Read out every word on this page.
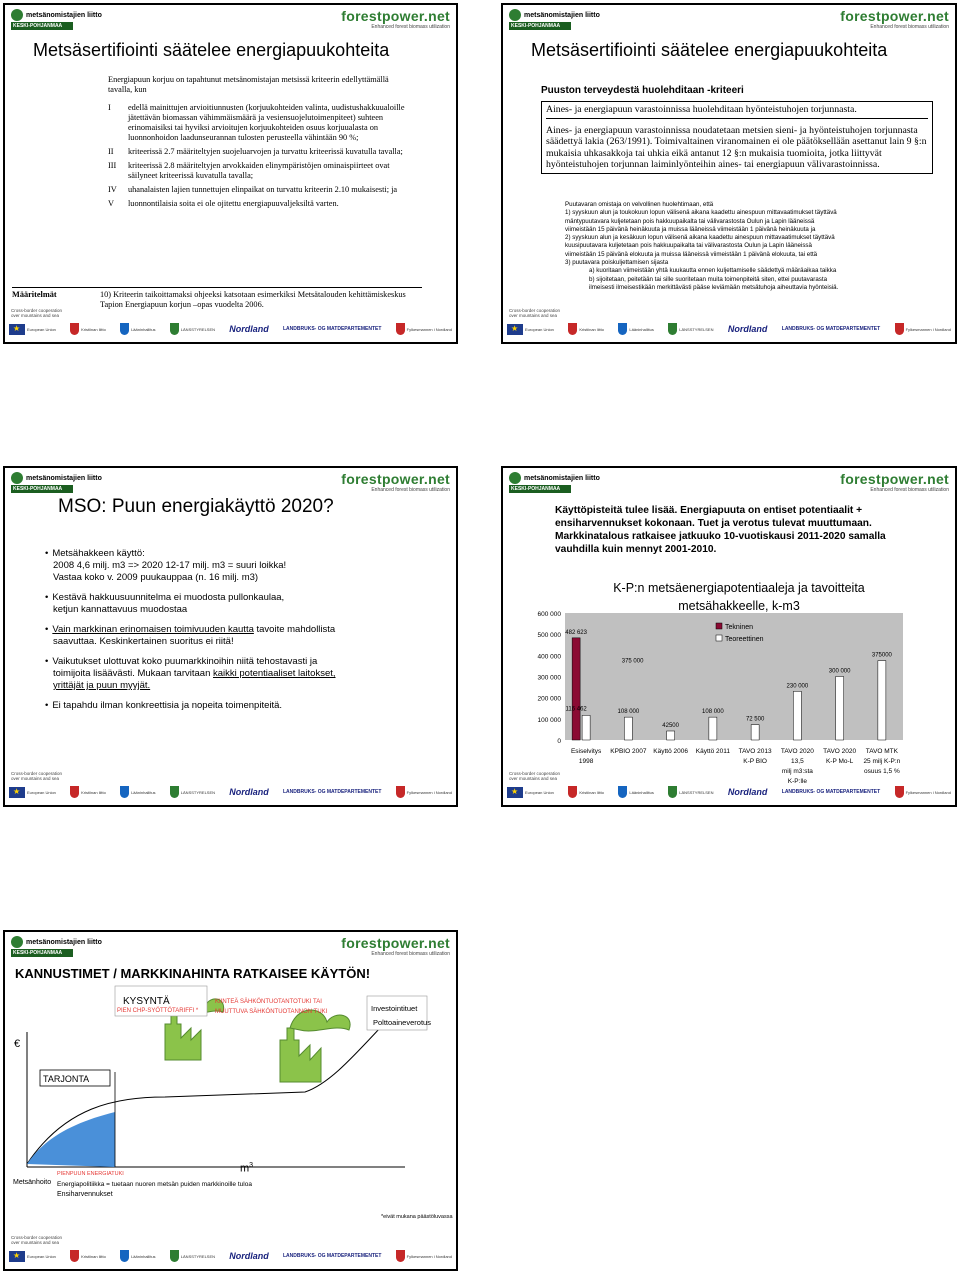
metsänomistajien liitto
KESKI-POHJANMAA
forestpower.net
Enhanced forest biomass utilization
Metsäsertifiointi säätelee energiapuukohteita

Energiapuun korjuu on tapahtunut metsänomistajan metsissä kriteerin edellyttämällä tavalla, kun

I	edellä mainittujen arvioitiunnusten (korjuukohteiden valinta, uudistushakkuualoille jätettävän biomassan vähimmäismäärä ja vesiensuojelutoimenpiteet) suhteen erinomaisiksi tai hyviksi arvioitujen korjuukohteiden osuus korjuualasta on luonnonhoidon laadunseurannan tulosten perusteella vähintään 90 %;
II	kriteerissä 2.7 määriteltyjen suojeluarvojen ja turvattu kriteerissä kuvatulla tavalla;
III	kriteerissä 2.8 määriteltyjen arvokkaiden elinympäristöjen ominaispiirteet ovat säilyneet kriteerissä kuvatulla tavalla;
IV	uhanalaisten lajien tunnettujen elinpaikat on turvattu kriteerin 2.10 mukaisesti; ja
V	luonnontilaisia soita ei ole ojitettu energiapuuvaljeksiltä varten.
Määritelmät	10) Kriteerin taikoittamaksi ohjeeksi katsotaan esimerkiksi Metsätalouden kehittämiskeskus Tapion Energiapuun korjun –opas vuodelta 2006.
Cross-border cooperation
over mountains and sea
★
European Union	Kristiinan liitto	Lääninhallitus	LÄNSSTYRELSEN Nordland	LANDBRUKS- OG MATDEPARTEMENTET	Fylkesmannen i Nordland
metsänomistajien liitto
KESKI-POHJANMAA
forestpower.net
Enhanced forest biomass utilization
Metsäsertifiointi säätelee energiapuukohteita
Puuston terveydestä huolehditaan -kriteeri

Aines- ja energiapuun varastoinnissa huolehditaan hyönteistuhojen torjunnasta.

Aines- ja energiapuun varastoinnissa noudatetaan metsien sieni- ja hyönteistuhojen torjunnasta säädettyä lakia (263/1991). Toimivaltainen viranomainen ei ole päätöksellään asettanut lain 9 §:n mukaisia uhkasakkoja tai uhkia eikä antanut 12 §:n mukaisia tuomioita, jotka liittyvät hyönteistuhojen torjunnan laiminlyönteihin aines- tai energiapuun välivarastoinnissa.

Puutavaran omistaja on velvollinen huolehtimaan, että
1) syyskuun alun ja toukokuun lopun välisenä aikana kaadettu ainespuun mittavaatimukset täyttävä
mäntypuutavara kuljetetaan pois hakkuupaikalta tai välivarastosta Oulun ja Lapin lääneissä
viimeistään 15 päivänä heinäkuuta ja muissa lääneissä viimeistään 1 päivänä heinäkuuta ja
2) syyskuun alun ja kesäkuun lopun välisenä aikana kaadettu ainespuun mittavaatimukset täyttävä
kuusipuutavara kuljetetaan pois hakkuupaikalta tai välivarastosta Oulun ja Lapin lääneissä
viimeistään 15 päivänä elokuuta ja muissa lääneissä viimeistään 1 päivänä elokuuta, tai että
3) puutavara poiskuljettamisen sijasta
a) kuoritaan viimeistään yhtä kuukautta ennen kuljettamiselle säädettyä määräaikaa taikka
b) sijoitetaan, peitetään tai sille suoritetaan muita toimenpiteitä siten, ettei puutavarasta
ilmeisesti ilmeisestikään merkittävästi pääse leviämään metsätuhoja aiheuttavia hyönteisiä.
Cross-border cooperation
over mountains and sea
★
European Union	Kristiinan liitto	Lääninhallitus	LÄNSSTYRELSEN Nordland	LANDBRUKS- OG MATDEPARTEMENTET	Fylkesmannen i Nordland
metsänomistajien liitto
KESKI-POHJANMAA
forestpower.net
Enhanced forest biomass utilization
MSO: Puun energiakäyttö 2020?
• Metsähakkeen käyttö:
2008 4,6 milj. m3 => 2020 12-17 milj. m3 = suuri loikka!
Vastaa koko v. 2009 puukauppaa (n. 16 milj. m3)
• Kestävä hakkuusuunnitelma ei muodosta pullonkaulaa,
ketjun kannattavuus muodostaa
• Vain markkinan erinomaisen toimivuuden kautta tavoite mahdollista
saavuttaa. Keskinkertainen suoritus ei riitä!
• Vaikutukset ulottuvat koko puumarkkinoihin niitä tehostavasti ja
toimijoita lisäävästi. Mukaan tarvitaan kaikki potentiaaliset laitokset,
yrittäjät ja puun myyjät.
• Ei tapahdu ilman konkreettisia ja nopeita toimenpiteitä.
Cross-border cooperation
over mountains and sea
★
European Union	Kristiinan liitto	Lääninhallitus	LÄNSSTYRELSEN Nordland	LANDBRUKS- OG MATDEPARTEMENTET	Fylkesmannen i Nordland
metsänomistajien liitto
KESKI-POHJANMAA
forestpower.net
Enhanced forest biomass utilization
Käyttöpisteitä tulee lisää. Energiapuuta on entiset potentiaalit + ensiharvennukset kokonaan. Tuet ja verotus tulevat muuttumaan. Markkinatalous ratkaisee jatkuuko 10-vuotiskausi 2011-2020 samalla vauhdilla kuin mennyt 2001-2010.
K-P:n metsäenergiapotentiaaleja ja tavoitteita
metsähakkeelle, k-m3
0
100 000
200 000
300 000
400 000
500 000
600 000
482 623
116 462
Esiselvitys
1998
108 000
KPBIO 2007
42500
Käyttö 2006
108 000
Käyttö 2011
72 500
TAVO 2013
K-P BIO
230 000
TAVO 2020
13,5
milj m3:sta
K-P:lle
300 000
TAVO 2020
K-P Mo-L
375000
TAVO MTK
25 milj K-P:n
osuus 1,5 %
375 000
Tekninen
Teoreettinen
Cross-border cooperation
over mountains and sea
★
European Union	Kristiinan liitto	Lääninhallitus	LÄNSSTYRELSEN Nordland	LANDBRUKS- OG MATDEPARTEMENTET	Fylkesmannen i Nordland
metsänomistajien liitto
KESKI-POHJANMAA
forestpower.net
Enhanced forest biomass utilization
KANNUSTIMET / MARKKINAHINTA RATKAISEE KÄYTÖN!
KYSYNTÄ
PIEN CHP-SYÖTTÖTARIFFI *
KIINTEÄ SÄHKÖNTUOTANTOTUKI TAI
MUUTTUVA SÄHKÖNTUOTANNON TUKI	Investointituet
Polttoaineverotus
€
TARJONTA
$m^3$
Metsänhoito
PIENPUUN ENERGIATUKI
Energiapolitiikka = tuetaan nuoren metsän puiden markkinoille tuloa
Ensiharvennukset
*eivät mukana päästöluvassa
Cross-border cooperation
over mountains and sea
★
European Union	Kristiinan liitto	Lääninhallitus	LÄNSSTYRELSEN Nordland	LANDBRUKS- OG MATDEPARTEMENTET	Fylkesmannen i Nordland
